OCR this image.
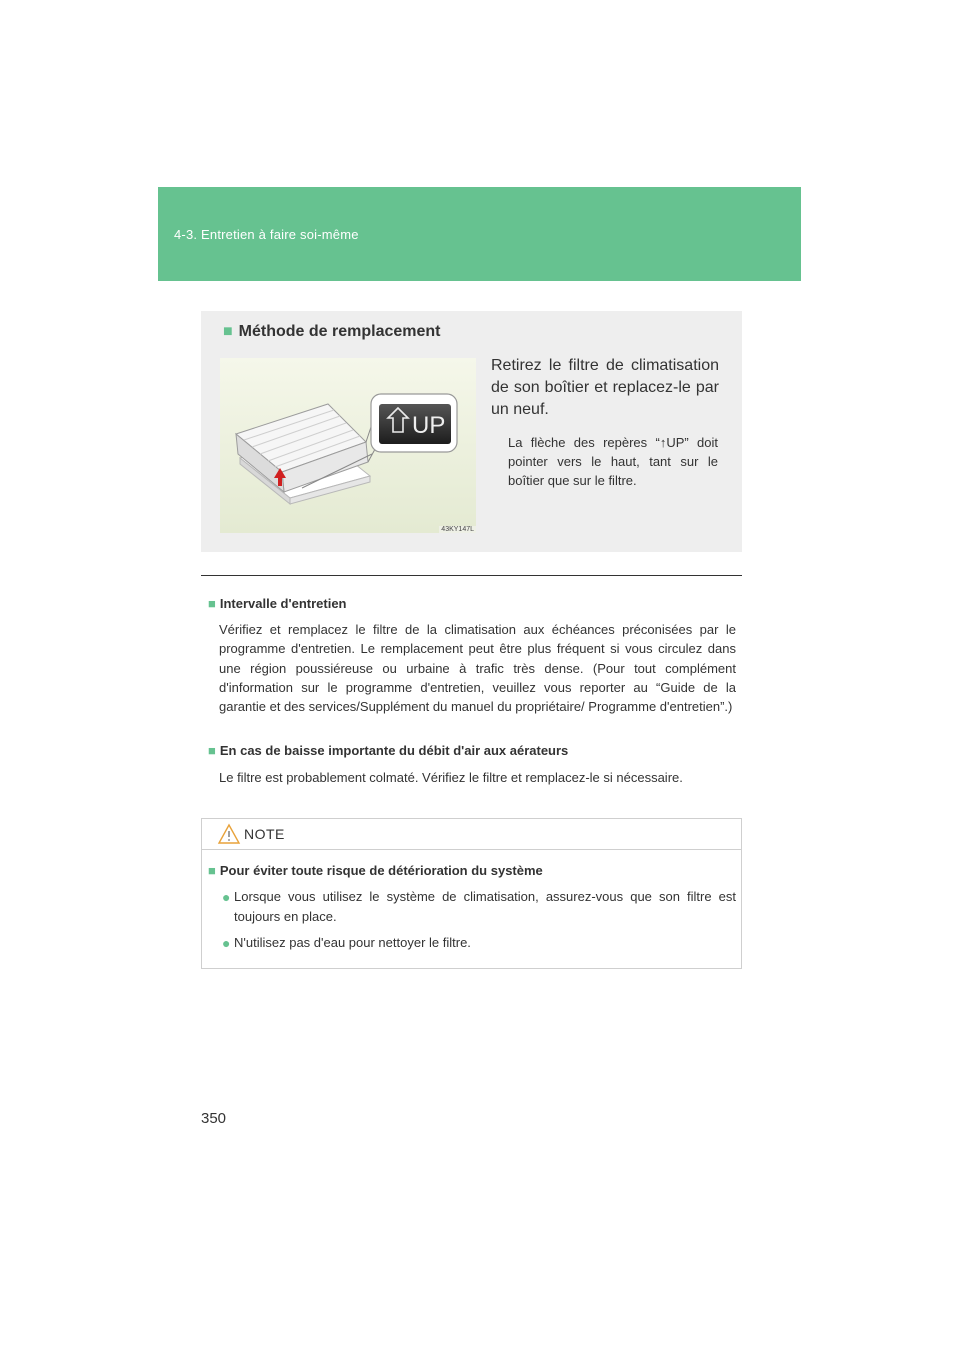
4-3. Entretien à faire soi-même
■ Méthode de remplacement
UP
43KY147L
Retirez le filtre de climatisation de son boîtier et replacez-le par un neuf.
La flèche des repères “↑UP” doit pointer vers le haut, tant sur le boîtier que sur le filtre.
■ Intervalle d'entretien
Vérifiez et remplacez le filtre de la climatisation aux échéances préconisées par le programme d'entretien. Le remplacement peut être plus fréquent si vous circulez dans une région poussiéreuse ou urbaine à trafic très dense. (Pour tout complément d'information sur le programme d'entretien, veuillez vous reporter au “Guide de la garantie et des services/Supplément du manuel du propriétaire/ Programme d'entretien”.)
■ En cas de baisse importante du débit d'air aux aérateurs
Le filtre est probablement colmaté. Vérifiez le filtre et remplacez-le si nécessaire.
NOTE
■ Pour éviter toute risque de détérioration du système
● Lorsque vous utilisez le système de climatisation, assurez-vous que son filtre est toujours en place.
● N'utilisez pas d'eau pour nettoyer le filtre.
350
